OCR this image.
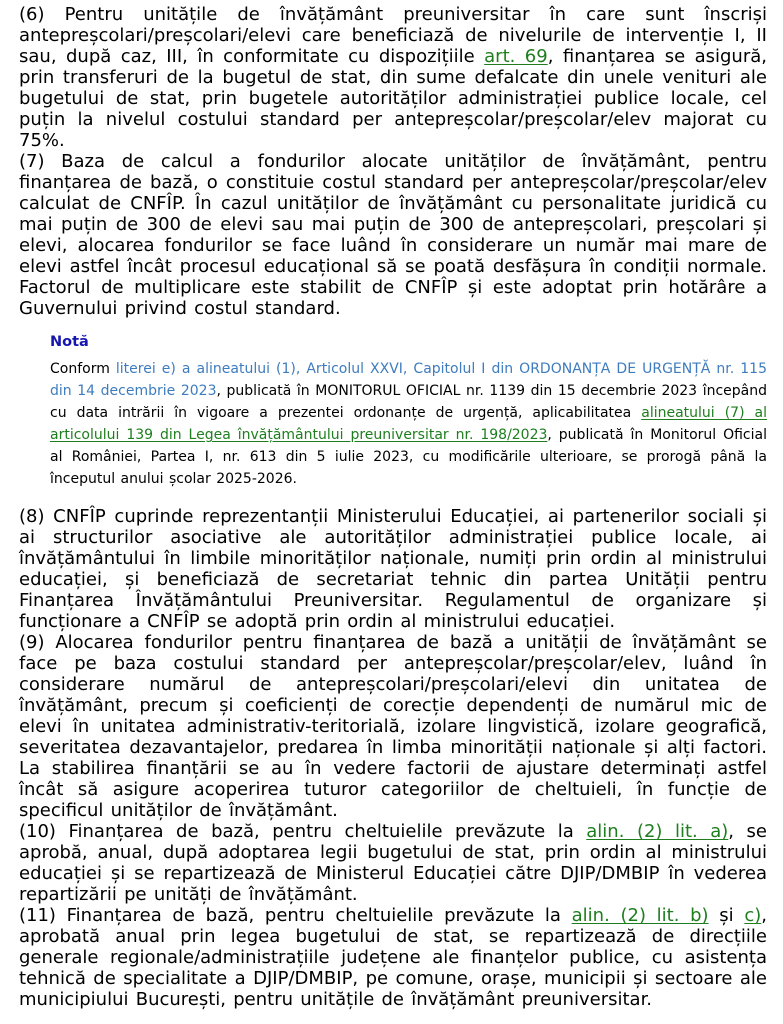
(6) Pentru unitățile de învățământ preuniversitar în care sunt înscriși antepreșcolari/preșcolari/elevi care beneficiază de nivelurile de intervenție I, II sau, după caz, III, în conformitate cu dispozițiile art. 69, finanțarea se asigură, prin transferuri de la bugetul de stat, din sume defalcate din unele venituri ale bugetului de stat, prin bugetele autorităților administrației publice locale, cel puțin la nivelul costului standard per antepreșcolar/preșcolar/elev majorat cu 75%.

(7) Baza de calcul a fondurilor alocate unităților de învățământ, pentru finanțarea de bază, o constituie costul standard per antepreșcolar/preșcolar/elev calculat de CNFÎP. În cazul unităților de învățământ cu personalitate juridică cu mai puțin de 300 de elevi sau mai puțin de 300 de antepreșcolari, preșcolari și elevi, alocarea fondurilor se face luând în considerare un număr mai mare de elevi astfel încât procesul educațional să se poată desfășura în condiții normale. Factorul de multiplicare este stabilit de CNFÎP și este adoptat prin hotărâre a Guvernului privind costul standard.

Notă

Conform literei e) a alineatului (1), Articolul XXVI, Capitolul I din ORDONANȚA DE URGENȚĂ nr. 115 din 14 decembrie 2023, publicată în MONITORUL OFICIAL nr. 1139 din 15 decembrie 2023 începând cu data intrării în vigoare a prezentei ordonanțe de urgență, aplicabilitatea alineatului (7) al articolului 139 din Legea învățământului preuniversitar nr. 198/2023, publicată în Monitorul Oficial al României, Partea I, nr. 613 din 5 iulie 2023, cu modificările ulterioare, se prorogă până la începutul anului școlar 2025-2026.

(8) CNFÎP cuprinde reprezentanții Ministerului Educației, ai partenerilor sociali și ai structurilor asociative ale autorităților administrației publice locale, ai învățământului în limbile minorităților naționale, numiți prin ordin al ministrului educației, și beneficiază de secretariat tehnic din partea Unității pentru Finanțarea Învățământului Preuniversitar. Regulamentul de organizare și funcționare a CNFÎP se adoptă prin ordin al ministrului educației.

(9) Alocarea fondurilor pentru finanțarea de bază a unității de învățământ se face pe baza costului standard per antepreșcolar/preșcolar/elev, luând în considerare numărul de antepreșcolari/preșcolari/elevi din unitatea de învățământ, precum și coeficienți de corecție dependenți de numărul mic de elevi în unitatea administrativ-teritorială, izolare lingvistică, izolare geografică, severitatea dezavantajelor, predarea în limba minorității naționale și alți factori. La stabilirea finanțării se au în vedere factorii de ajustare determinați astfel încât să asigure acoperirea tuturor categoriilor de cheltuieli, în funcție de specificul unităților de învățământ.

(10) Finanțarea de bază, pentru cheltuielile prevăzute la alin. (2) lit. a), se aprobă, anual, după adoptarea legii bugetului de stat, prin ordin al ministrului educației și se repartizează de Ministerul Educației către DJIP/DMBIP în vederea repartizării pe unități de învățământ.

(11) Finanțarea de bază, pentru cheltuielile prevăzute la alin. (2) lit. b) și c), aprobată anual prin legea bugetului de stat, se repartizează de direcțiile generale regionale/administrațiile județene ale finanțelor publice, cu asistența tehnică de specialitate a DJIP/DMBIP, pe comune, orașe, municipii și sectoare ale municipiului București, pentru unitățile de învățământ preuniversitar.
